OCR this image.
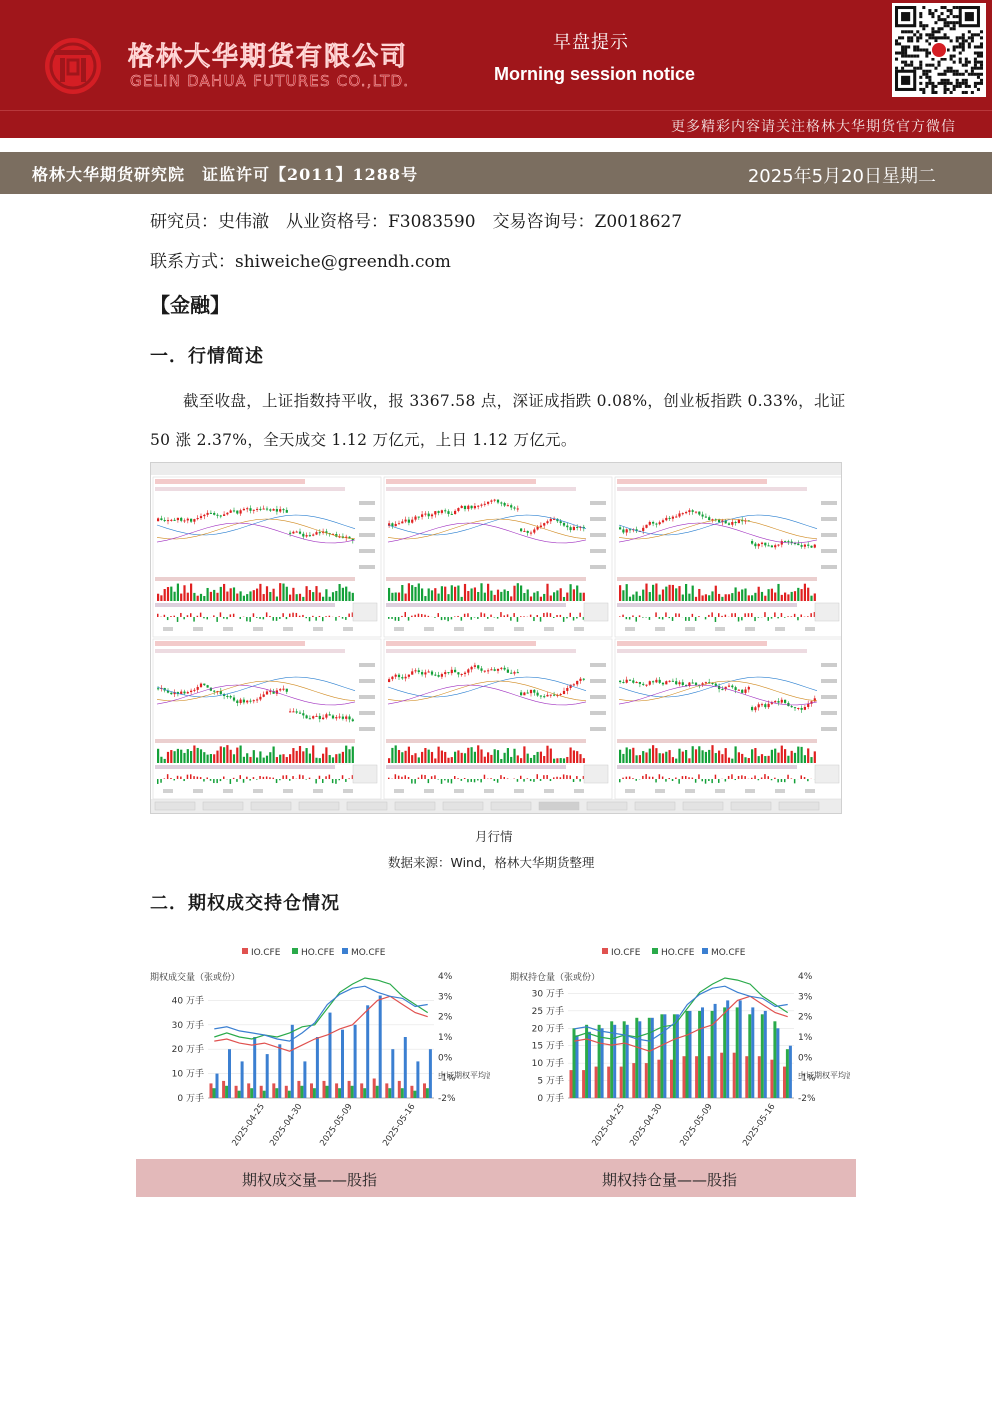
格林大华期货有限公司
GELIN DAHUA FUTURES CO.,LTD.
早盘提示
Morning session notice
更多精彩内容请关注格林大华期货官方微信
格林大华期货研究院　证监许可【2011】1288号	2025年5月20日星期二
研究员：史伟澈　从业资格号：F3083590　交易咨询号：Z0018627
联系方式：shiweiche@greendh.com
【金融】
一．行情简述
截至收盘，上证指数持平收，报 3367.58 点，深证成指跌 0.08%，创业板指跌 0.33%，北证
50 涨 2.37%，全天成交 1.12 万亿元，上日 1.12 万亿元。
月行情
数据来源：Wind，格林大华期货整理
二．期权成交持仓情况
IO.CFE HO.CFE MO.CFE
0 万手
10 万手
20 万手
30 万手
40 万手
-2%
-1%
0%
1%
2%
3%
4%
期权成交量（张或份）
中证期权平均
2025-04-25 2025-04-30 2025-05-09	2025-05-16
IO.CFE HO.CFE MO.CFE
0 万手
5 万手
10 万手
15 万手
20 万手
25 万手
30 万手
-2%
-1%
0%
1%
2%
3%
4%
期权持仓量（张或份）
中证期权平均
2025-04-25 2025-04-30 2025-05-09	2025-05-16
期权成交量——股指	期权持仓量——股指
